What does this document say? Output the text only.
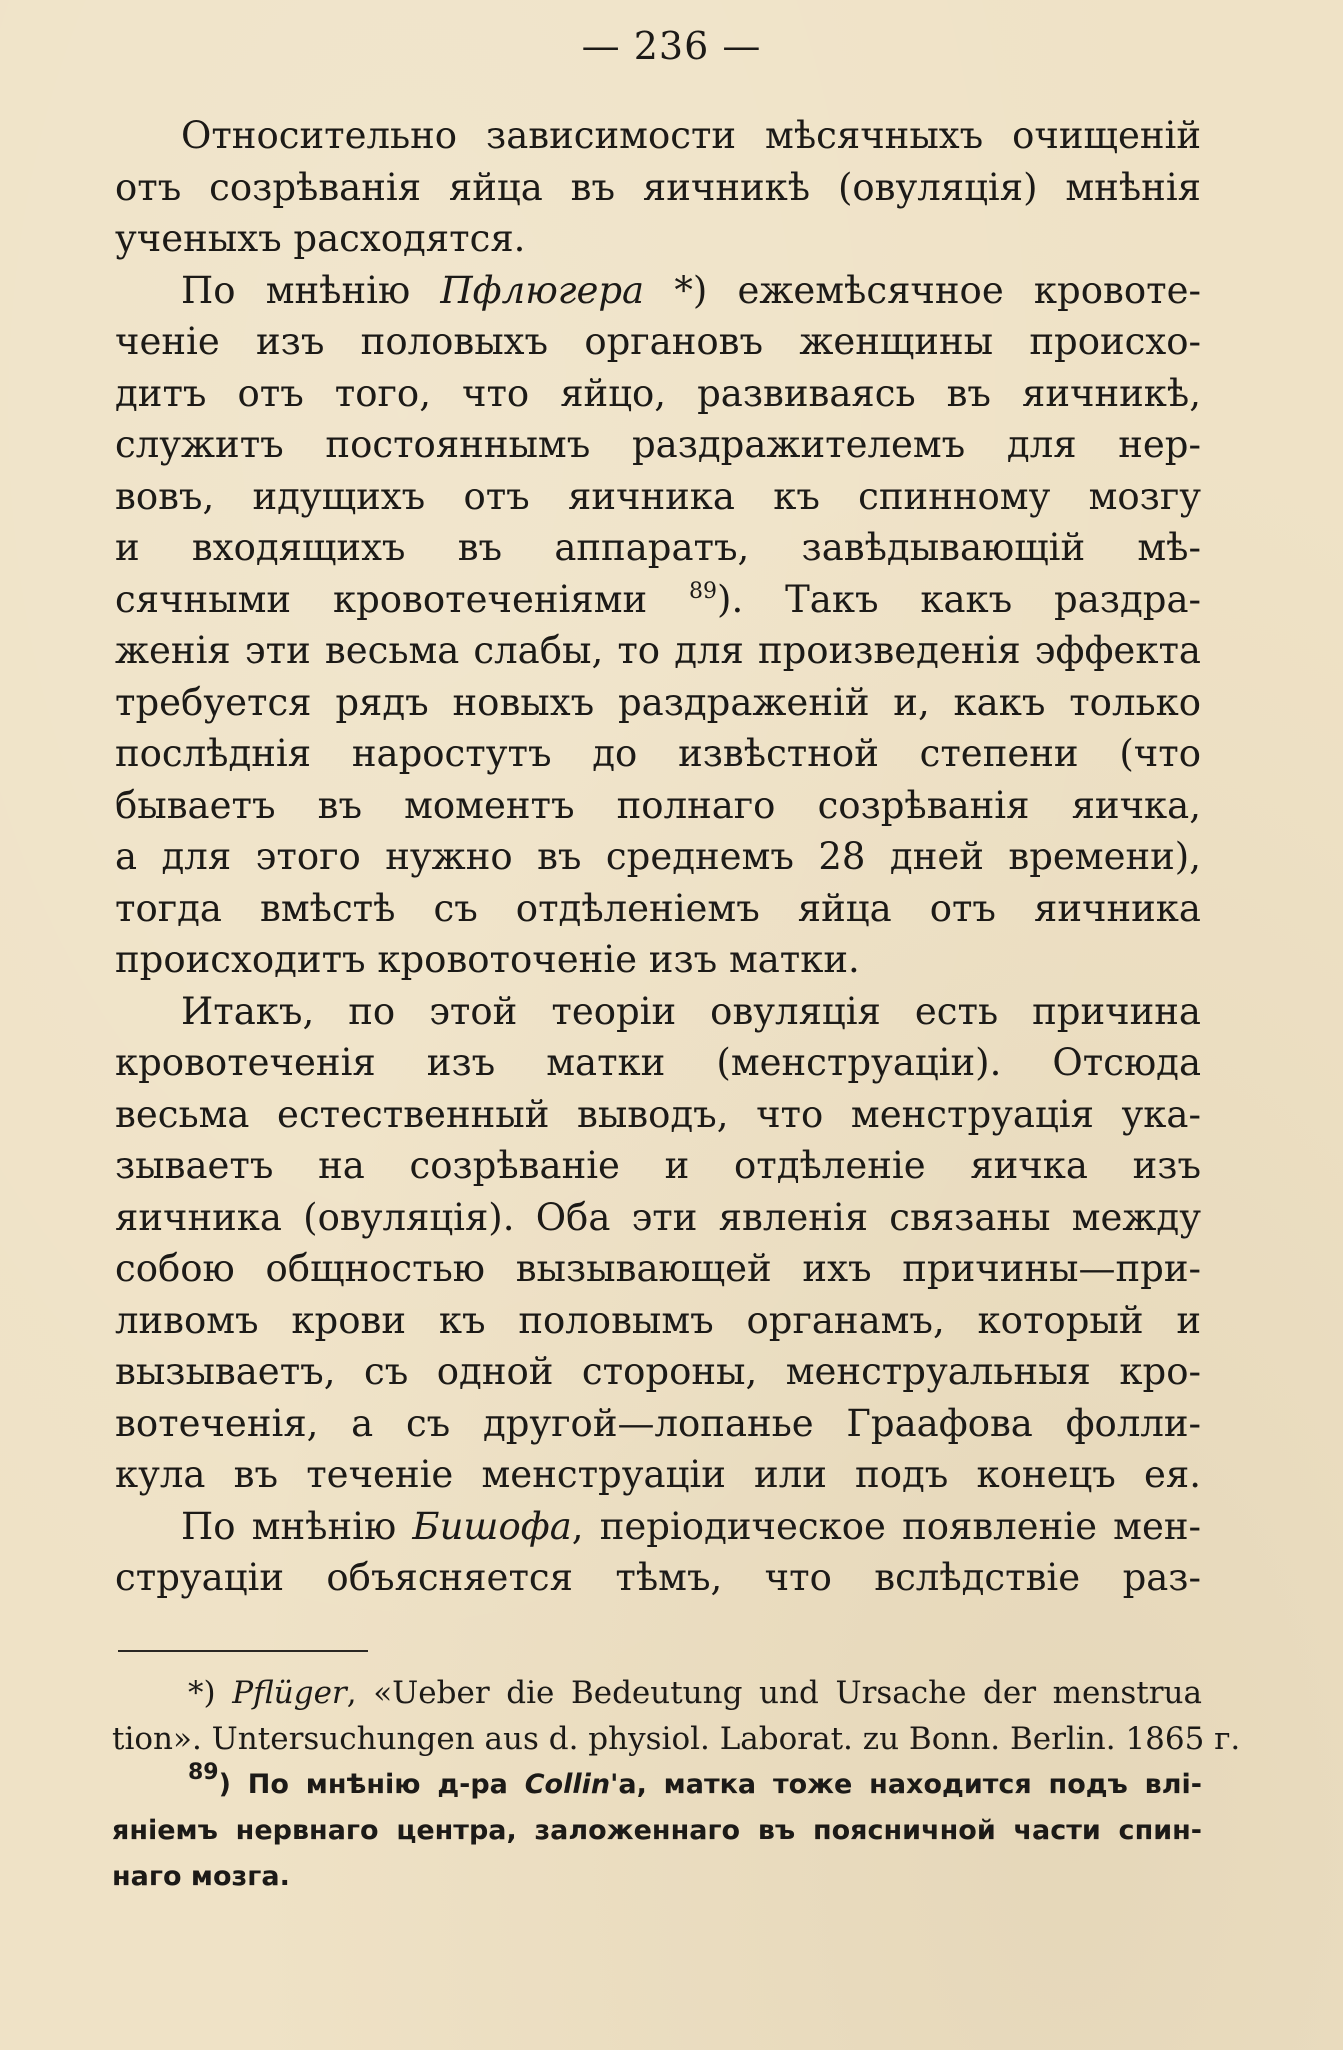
— 236 —
Относительно зависимости мѣсячныхъ очищеній
отъ созрѣванія яйца въ яичникѣ (овуляція) мнѣнія
ученыхъ расходятся.
По мнѣнію Пфлюгера *) ежемѣсячное кровоте-
ченіе изъ половыхъ органовъ женщины происхо-
дитъ отъ того, что яйцо, развиваясь въ яичникѣ,
служитъ постояннымъ раздражителемъ для нер-
вовъ, идущихъ отъ яичника къ спинному мозгу
и входящихъ въ аппаратъ, завѣдывающій мѣ-
сячными кровотеченіями $^{89}$). Такъ какъ раздра-
женія эти весьма слабы, то для произведенія эффекта
требуется рядъ новыхъ раздраженій и, какъ только
послѣднія наростутъ до извѣстной степени (что
бываетъ въ моментъ полнаго созрѣванія яичка,
а для этого нужно въ среднемъ 28 дней времени),
тогда вмѣстѣ съ отдѣленіемъ яйца отъ яичника
происходитъ кровоточеніе изъ матки.
Итакъ, по этой теоріи овуляція есть причина
кровотеченія изъ матки (менструаціи). Отсюда
весьма естественный выводъ, что менструація ука-
зываетъ на созрѣваніе и отдѣленіе яичка изъ
яичника (овуляція). Оба эти явленія связаны между
собою общностью вызывающей ихъ причины—при-
ливомъ крови къ половымъ органамъ, который и
вызываетъ, съ одной стороны, менструальныя кро-
вотеченія, а съ другой—лопанье Граафова фолли-
кула въ теченіе менструаціи или подъ конецъ ея.
По мнѣнію Бишофа, періодическое появленіе мен-
струаціи объясняется тѣмъ, что вслѣдствіе раз-
*) Pflüger, «Ueber die Bedeutung und Ursache der menstrua
tion». Untersuchungen aus d. physiol. Laborat. zu Bonn. Berlin. 1865 г.
$^{89}$) По мнѣнію д-ра Collin'а, матка тоже находится подъ влі-
яніемъ нервнаго центра, заложеннаго въ поясничной части спин-
наго мозга.
